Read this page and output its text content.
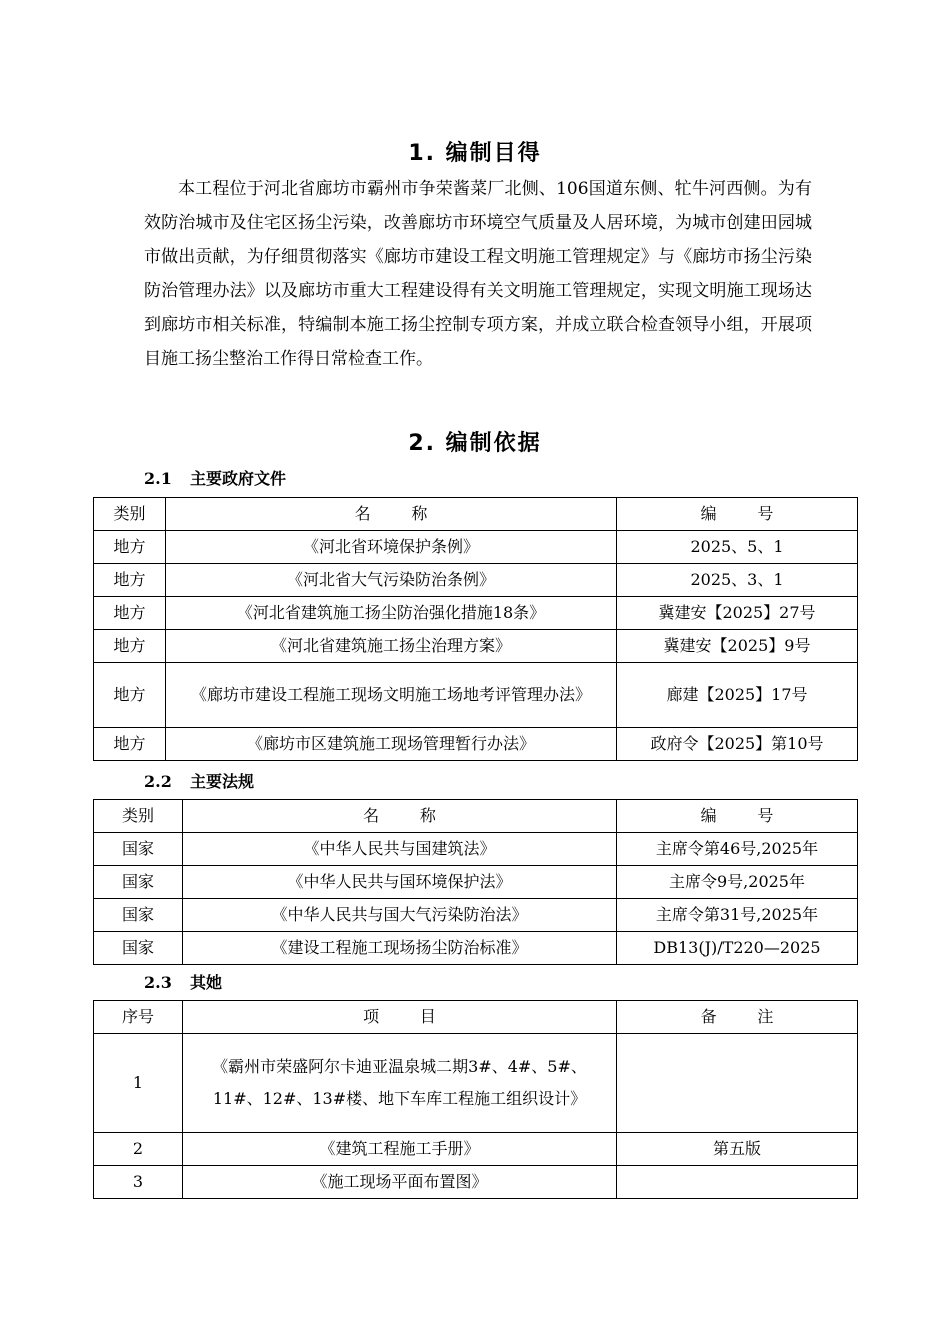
1. 编制目得

本工程位于河北省廊坊市霸州市争荣酱菜厂北侧、106国道东侧、牤牛河西侧。为有效防治城市及住宅区扬尘污染，改善廊坊市环境空气质量及人居环境，为城市创建田园城市做出贡献，为仔细贯彻落实《廊坊市建设工程文明施工管理规定》与《廊坊市扬尘污染防治管理办法》以及廊坊市重大工程建设得有关文明施工管理规定，实现文明施工现场达到廊坊市相关标准，特编制本施工扬尘控制专项方案，并成立联合检查领导小组，开展项目施工扬尘整治工作得日常检查工作。

2. 编制依据
2.1 主要政府文件
类别	名        称	编        号
地方	《河北省环境保护条例》	2025、5、1
地方	《河北省大气污染防治条例》	2025、3、1
地方	《河北省建筑施工扬尘防治强化措施18条》	冀建安【2025】27号
地方	《河北省建筑施工扬尘治理方案》	冀建安【2025】9号
地方	《廊坊市建设工程施工现场文明施工场地考评管理办法》	廊建【2025】17号
地方	《廊坊市区建筑施工现场管理暂行办法》	政府令【2025】第10号
2.2 主要法规
类别	名        称	编        号
国家	《中华人民共与国建筑法》	主席令第46号,2025年
国家	《中华人民共与国环境保护法》	主席令9号,2025年
国家	《中华人民共与国大气污染防治法》	主席令第31号,2025年
国家	《建设工程施工现场扬尘防治标准》	DB13(J)/T220—2025
2.3 其她
序号	项        目	备        注
1	《霸州市荣盛阿尔卡迪亚温泉城二期3#、4#、5#、11#、12#、13#楼、地下车库工程施工组织设计》	
2	《建筑工程施工手册》	第五版
3	《施工现场平面布置图》	
